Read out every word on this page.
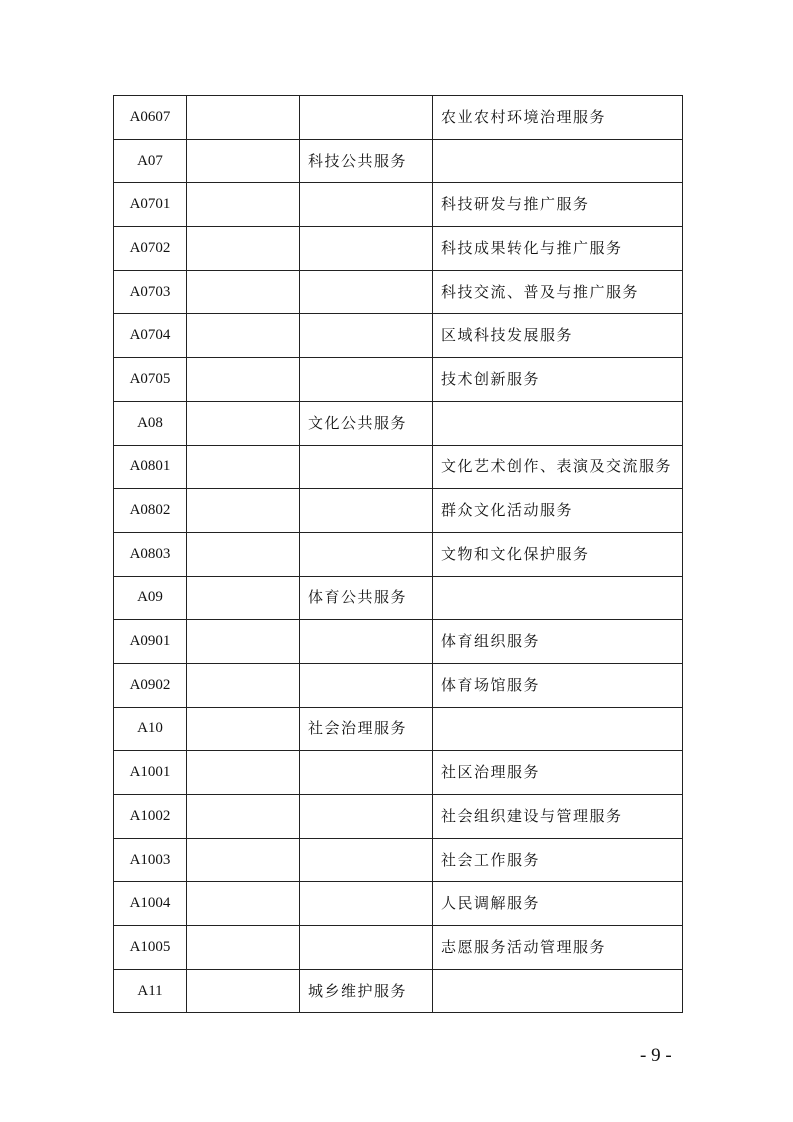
A0607			农业农村环境治理服务
A07		科技公共服务	
A0701			科技研发与推广服务
A0702			科技成果转化与推广服务
A0703			科技交流、普及与推广服务
A0704			区域科技发展服务
A0705			技术创新服务
A08		文化公共服务	
A0801			文化艺术创作、表演及交流服务
A0802			群众文化活动服务
A0803			文物和文化保护服务
A09		体育公共服务	
A0901			体育组织服务
A0902			体育场馆服务
A10		社会治理服务	
A1001			社区治理服务
A1002			社会组织建设与管理服务
A1003			社会工作服务
A1004			人民调解服务
A1005			志愿服务活动管理服务
A11		城乡维护服务	
- 9 -
